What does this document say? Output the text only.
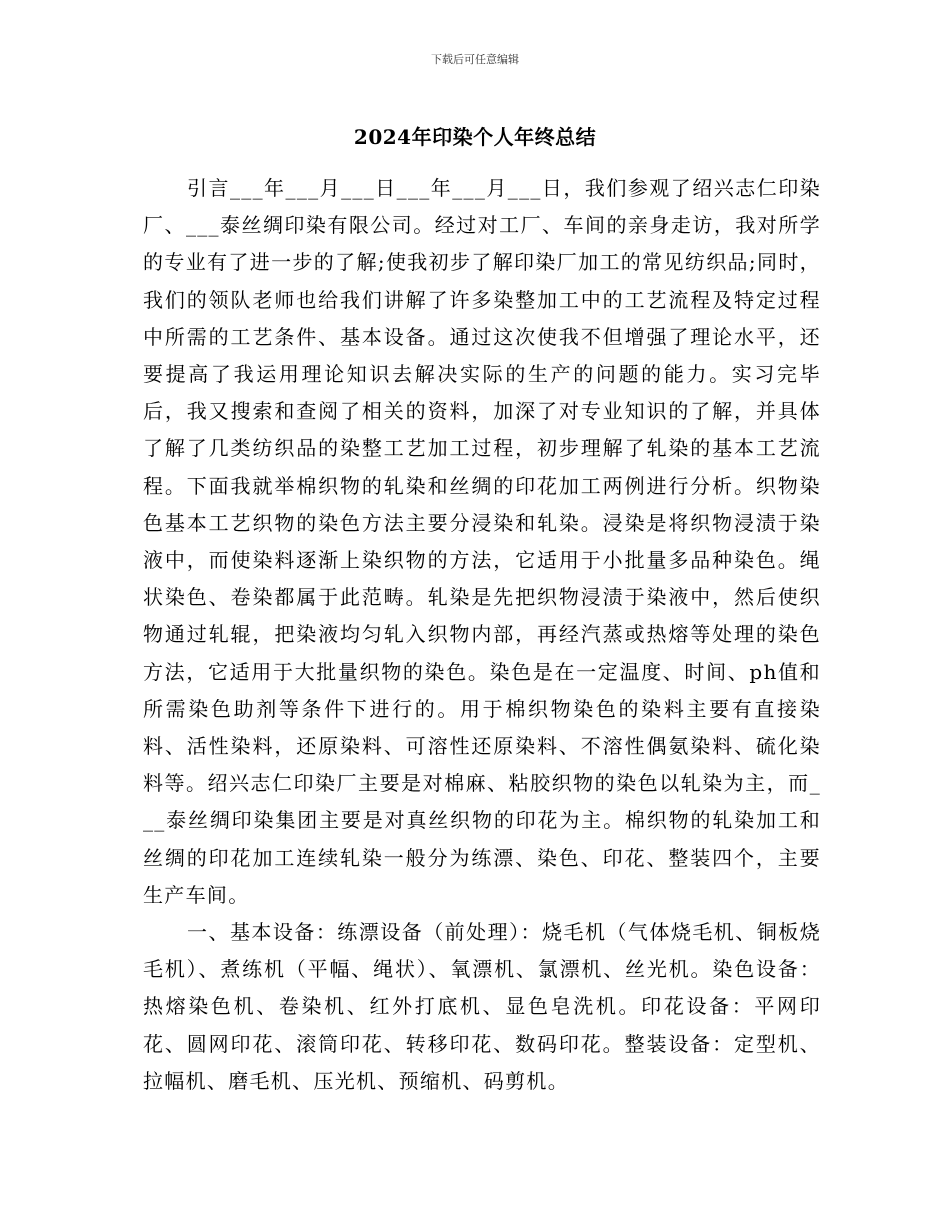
下载后可任意编辑
2024年印染个人年终总结

引言___年___月___日___年___月___日，我们参观了绍兴志仁印染厂、___泰丝绸印染有限公司。经过对工厂、车间的亲身走访，我对所学的专业有了进一步的了解;使我初步了解印染厂加工的常见纺织品;同时，我们的领队老师也给我们讲解了许多染整加工中的工艺流程及特定过程中所需的工艺条件、基本设备。通过这次使我不但增强了理论水平，还要提高了我运用理论知识去解决实际的生产的问题的能力。实习完毕后，我又搜索和查阅了相关的资料，加深了对专业知识的了解，并具体了解了几类纺织品的染整工艺加工过程，初步理解了轧染的基本工艺流程。下面我就举棉织物的轧染和丝绸的印花加工两例进行分析。织物染色基本工艺织物的染色方法主要分浸染和轧染。浸染是将织物浸渍于染液中，而使染料逐渐上染织物的方法，它适用于小批量多品种染色。绳状染色、卷染都属于此范畴。轧染是先把织物浸渍于染液中，然后使织物通过轧辊，把染液均匀轧入织物内部，再经汽蒸或热熔等处理的染色方法，它适用于大批量织物的染色。染色是在一定温度、时间、ph值和所需染色助剂等条件下进行的。用于棉织物染色的染料主要有直接染料、活性染料，还原染料、可溶性还原染料、不溶性偶氨染料、硫化染料等。绍兴志仁印染厂主要是对棉麻、粘胶织物的染色以轧染为主，而___泰丝绸印染集团主要是对真丝织物的印花为主。棉织物的轧染加工和丝绸的印花加工连续轧染一般分为练漂、染色、印花、整装四个，主要生产车间。

一、基本设备：练漂设备（前处理）：烧毛机（气体烧毛机、铜板烧毛机）、煮练机（平幅、绳状）、氧漂机、氯漂机、丝光机。染色设备：热熔染色机、卷染机、红外打底机、显色皂洗机。印花设备：平网印花、圆网印花、滚筒印花、转移印花、数码印花。整装设备：定型机、拉幅机、磨毛机、压光机、预缩机、码剪机。
